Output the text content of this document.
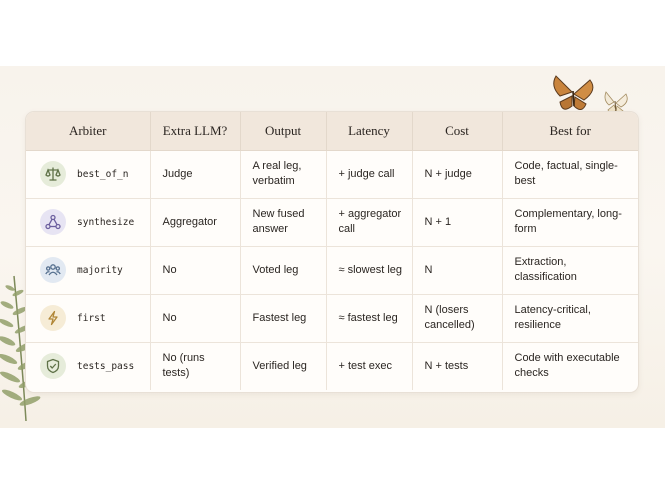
Arbiter	Extra LLM?	Output	Latency	Cost	Best for

best_of_n	Judge	A real leg, verbatim	+ judge call	N + judge	Code, factual, single-best

synthesize	Aggregator	New fused answer	+ aggregator call	N + 1	Complementary, long-form

majority	No	Voted leg	≈ slowest leg	N	Extraction, classification

first	No	Fastest leg	≈ fastest leg	N (losers cancelled)	Latency-critical, resilience

tests_pass	No (runs tests)	Verified leg	+ test exec	N + tests	Code with executable checks
